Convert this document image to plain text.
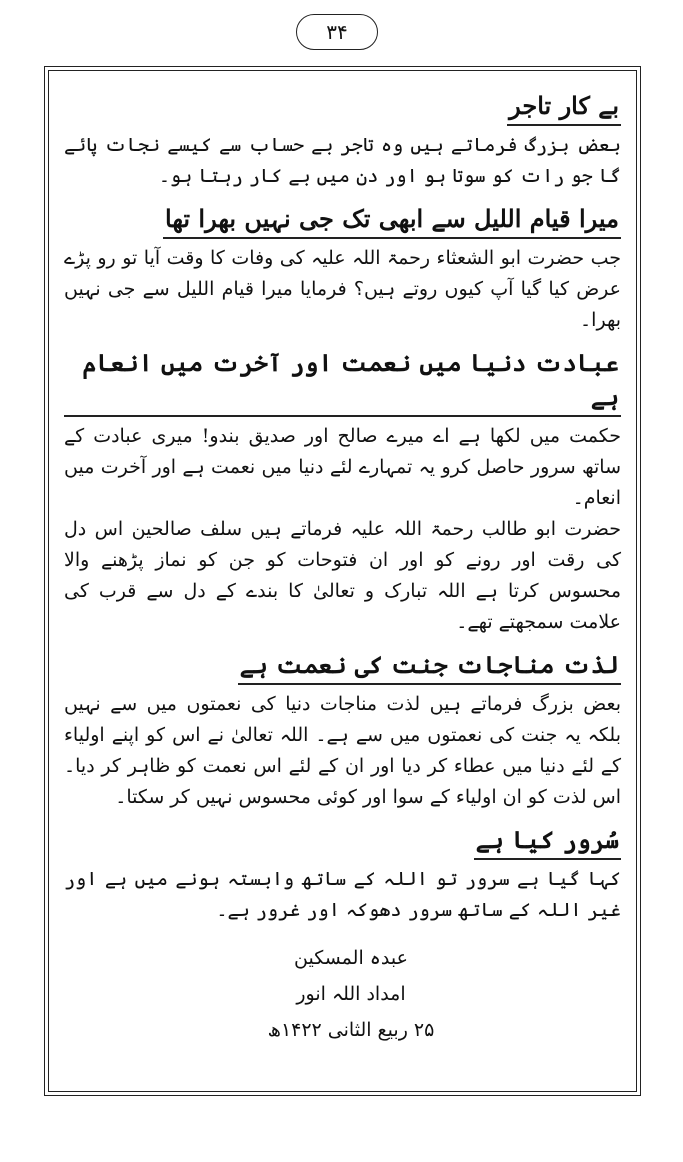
۳۴
بے کار تاجر

بعض بزرگ فرماتے ہیں وہ تاجر بے حساب سے کیسے نجات پائے گا جو رات کو سوتا ہو اور دن میں بے کار رہتا ہو۔

میرا قیام اللیل سے ابھی تک جی نہیں بھرا تھا

جب حضرت ابو الشعثاء رحمۃ اللہ علیہ کی وفات کا وقت آیا تو رو پڑے عرض کیا گیا آپ کیوں روتے ہیں؟ فرمایا میرا قیام اللیل سے جی نہیں بھرا۔

عبادت دنیا میں نعمت اور آخرت میں انعام ہے

حکمت میں لکھا ہے اے میرے صالح اور صدیق بندو! میری عبادت کے ساتھ سرور حاصل کرو یہ تمہارے لئے دنیا میں نعمت ہے اور آخرت میں انعام۔

حضرت ابو طالب رحمۃ اللہ علیہ فرماتے ہیں سلف صالحین اس دل کی رقت اور رونے کو اور ان فتوحات کو جن کو نماز پڑھنے والا محسوس کرتا ہے اللہ تبارک و تعالیٰ کا بندے کے دل سے قرب کی علامت سمجھتے تھے۔

لذت مناجات جنت کی نعمت ہے

بعض بزرگ فرماتے ہیں لذت مناجات دنیا کی نعمتوں میں سے نہیں بلکہ یہ جنت کی نعمتوں میں سے ہے۔ اللہ تعالیٰ نے اس کو اپنے اولیاء کے لئے دنیا میں عطاء کر دیا اور ان کے لئے اس نعمت کو ظاہر کر دیا۔ اس لذت کو ان اولیاء کے سوا اور کوئی محسوس نہیں کر سکتا۔

سُرور کیا ہے

کہا گیا ہے سرور تو اللہ کے ساتھ وابستہ ہونے میں ہے اور غیر اللہ کے ساتھ سرور دھوکہ اور غرور ہے۔

عبدہ المسکین
امداد اللہ انور
۲۵ ربیع الثانی ۱۴۲۲ھ
